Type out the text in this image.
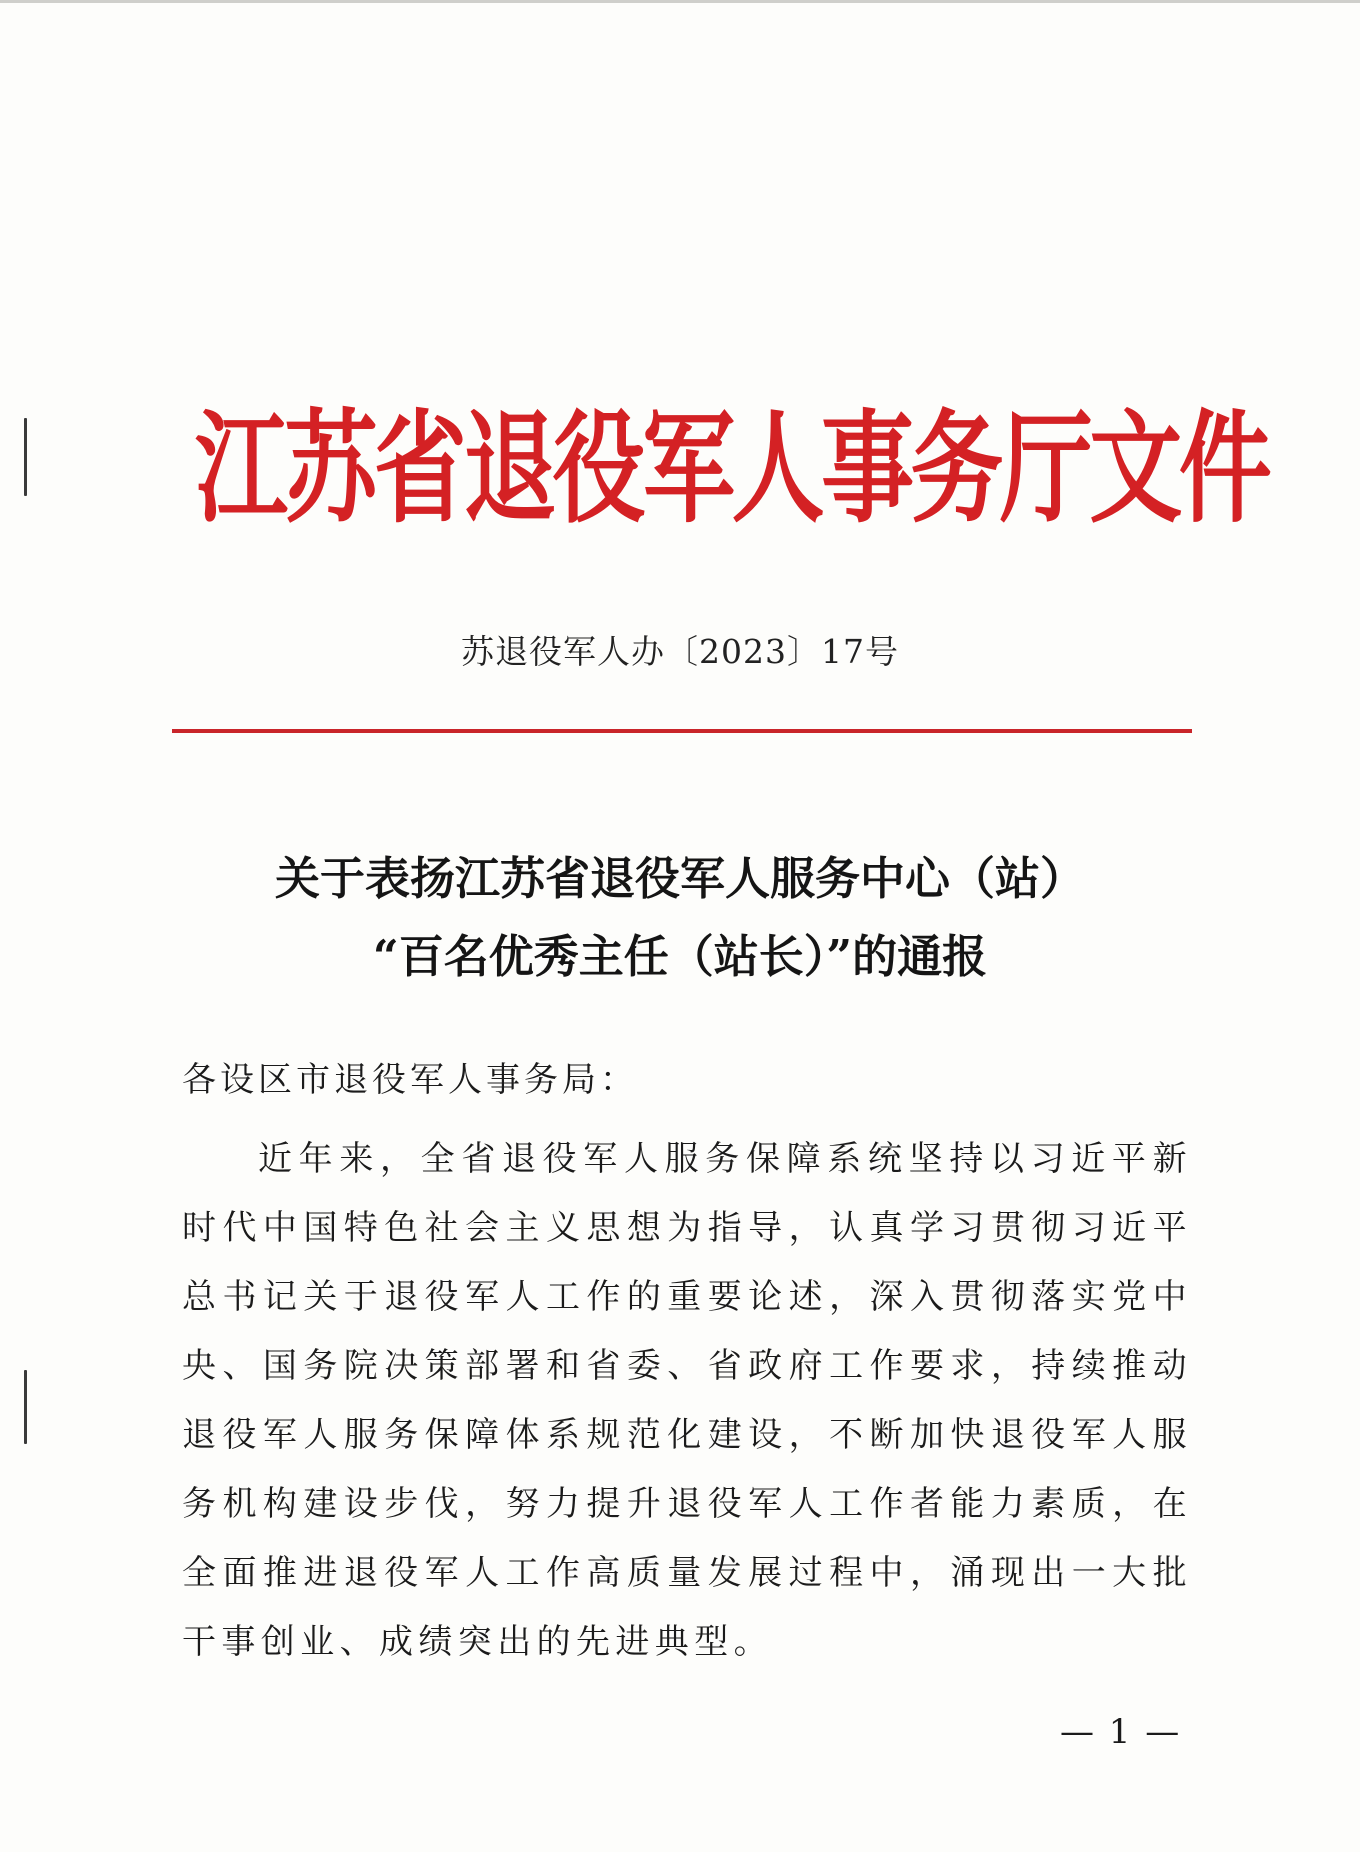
江苏省退役军人事务厅文件
苏退役军人办〔2023〕17号
关于表扬江苏省退役军人服务中心（站）
“百名优秀主任（站长）”的通报
各设区市退役军人事务局：

近年来，全省退役军人服务保障系统坚持以习近平新时代中国特色社会主义思想为指导，认真学习贯彻习近平总书记关于退役军人工作的重要论述，深入贯彻落实党中央、国务院决策部署和省委、省政府工作要求，持续推动退役军人服务保障体系规范化建设，不断加快退役军人服务机构建设步伐，努力提升退役军人工作者能力素质，在全面推进退役军人工作高质量发展过程中，涌现出一大批干事创业、成绩突出的先进典型。

— 1 —
